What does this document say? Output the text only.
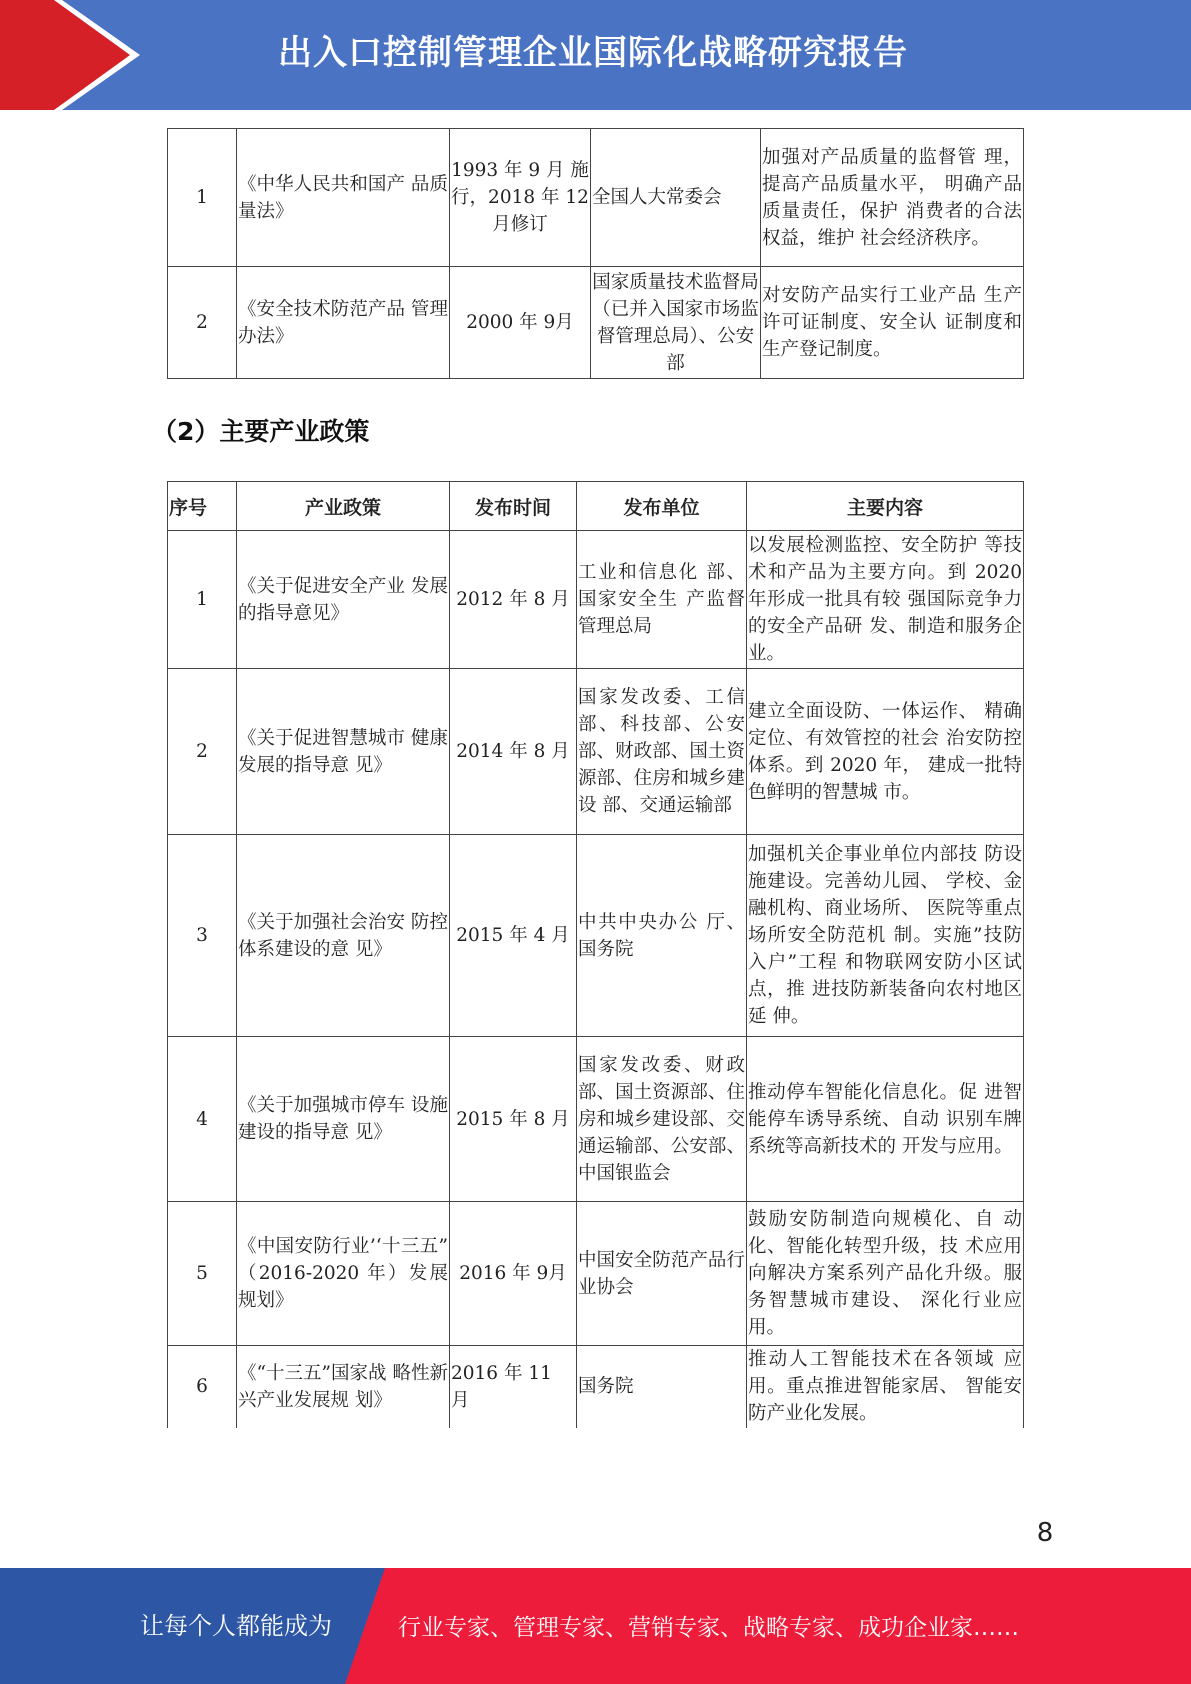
出入口控制管理企业国际化战略研究报告
1	《中华人民共和国产 品质量法》	1993 年 9 月 施行，2018 年 12 月修订	全国人大常委会	加强对产品质量的监督管 理，提高产品质量水平， 明确产品质量责任，保护 消费者的合法权益，维护 社会经济秩序。
2	《安全技术防范产品 管理办法》	2000 年 9月	国家质量技术监督局（已并入国家市场监督管理总局）、公安部	对安防产品实行工业产品 生产许可证制度、安全认 证制度和生产登记制度。
（2）主要产业政策
序号	产业政策	发布时间	发布单位	主要内容
1	《关于促进安全产业 发展的指导意见》	2012 年 8 月	工业和信息化 部、国家安全生 产监督管理总局	以发展检测监控、安全防护 等技术和产品为主要方向。到 2020 年形成一批具有较 强国际竞争力的安全产品研 发、制造和服务企业。
2	《关于促进智慧城市 健康发展的指导意 见》	2014 年 8 月	国家发改委、工信部、科技部、公安部、财政部、国土资源部、住房和城乡建设 部、交通运输部	建立全面设防、一体运作、 精确定位、有效管控的社会 治安防控体系。到 2020 年， 建成一批特色鲜明的智慧城 市。
3	《关于加强社会治安 防控体系建设的意 见》	2015 年 4 月	中共中央办公 厅、国务院	加强机关企事业单位内部技 防设施建设。完善幼儿园、 学校、金融机构、商业场所、 医院等重点场所安全防范机 制。实施”技防入户”工程 和物联网安防小区试点，推 进技防新装备向农村地区延 伸。
4	《关于加强城市停车 设施建设的指导意 见》	2015 年 8 月	国家发改委、财政部、国土资源部、住房和城乡建设部、交通运输部、公安部、中国银监会	推动停车智能化信息化。促 进智能停车诱导系统、自动 识别车牌系统等高新技术的 开发与应用。
5	《中国安防行业’‘十三五” （2016-2020 年）发展规划》	2016 年 9月	中国安全防范产品行业协会	鼓励安防制造向规模化、自 动化、智能化转型升级，技 术应用向解决方案系列产品化升级。服务智慧城市建设、 深化行业应用。
6	《“十三五”国家战 略性新兴产业发展规 划》	2016 年 11 月	国务院	推动人工智能技术在各领域 应用。重点推进智能家居、 智能安防产业化发展。
8
让每个人都能成为	行业专家、管理专家、营销专家、战略专家、成功企业家……
